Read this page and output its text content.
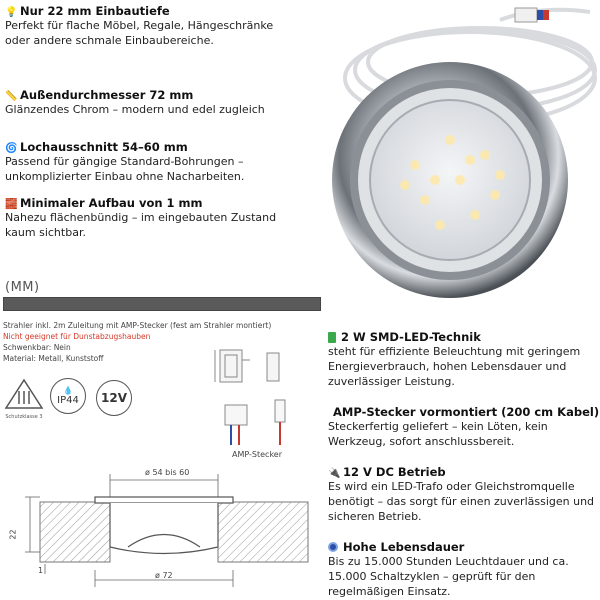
💡 Nur 22 mm Einbautiefe
Perfekt für flache Möbel, Regale, Hängeschränke
oder andere schmale Einbaubereiche.
📏 Außendurchmesser 72 mm
Glänzendes Chrom – modern und edel zugleich
🌀 Lochausschnitt 54–60 mm
Passend für gängige Standard-Bohrungen –
unkomplizierter Einbau ohne Nacharbeiten.
🧱 Minimaler Aufbau von 1 mm
Nahezu flächenbündig – im eingebauten Zustand
kaum sichtbar.
(MM)
Strahler inkl. 2m Zuleitung mit AMP-Stecker (fest am Strahler montiert)
Nicht geeignet für Dunstabzugshauben
Schwenkbar: Nein
Material: Metall, Kunststoff
Schutzklasse 3
💧
IP44 12V
AMP-Stecker
ø 54 bis 60
22
1
ø 72
2 W SMD-LED-Technik
steht für effiziente Beleuchtung mit geringem
Energieverbrauch, hohen Lebensdauer und
zuverlässiger Leistung.
AMP-Stecker vormontiert (200 cm Kabel)
Steckerfertig geliefert – kein Löten, kein
Werkzeug, sofort anschlussbereit.
🔌 12 V DC Betrieb
Es wird ein LED-Trafo oder Gleichstromquelle
benötigt – das sorgt für einen zuverlässigen und
sicheren Betrieb.
Hohe Lebensdauer
Bis zu 15.000 Stunden Leuchtdauer und ca.
15.000 Schaltzyklen – geprüft für den
regelmäßigen Einsatz.
